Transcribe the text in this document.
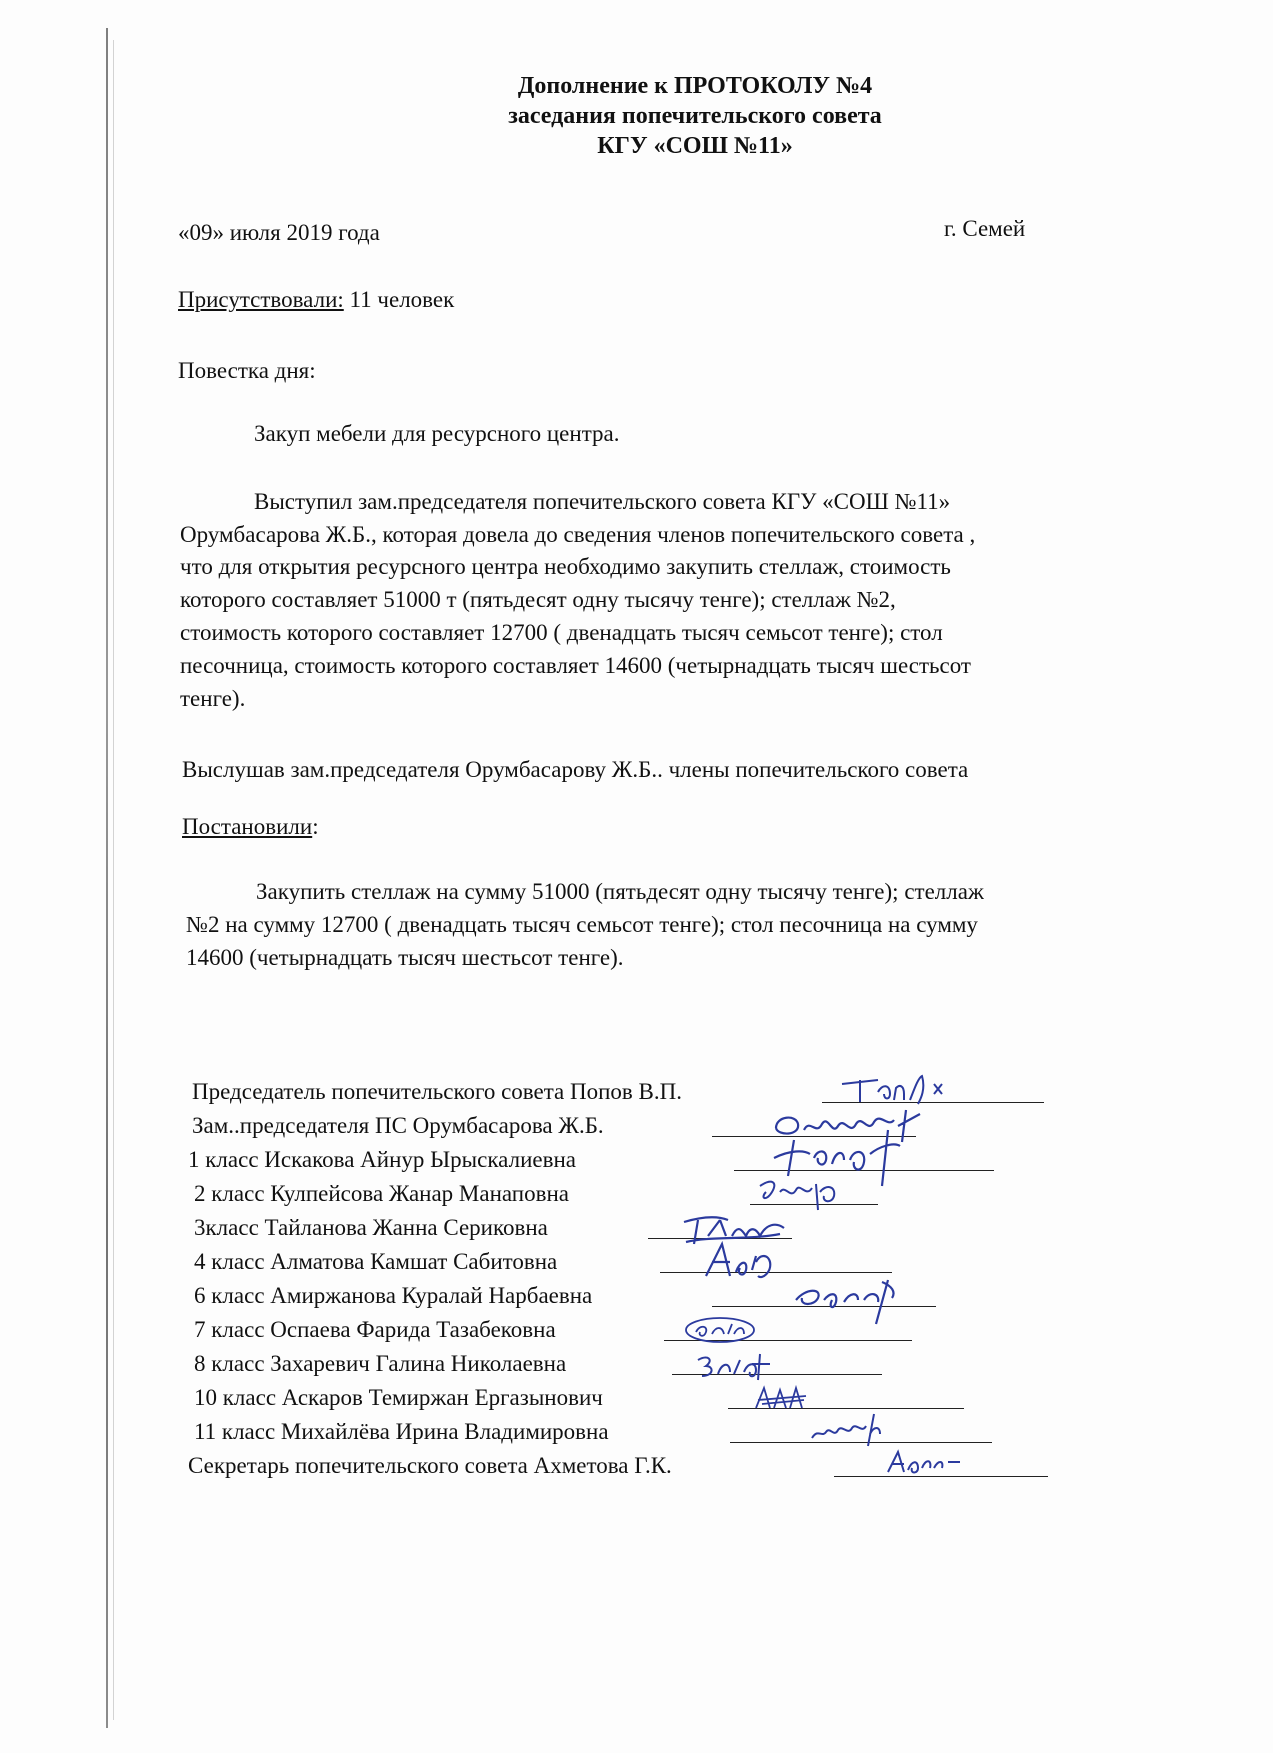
Дополнение к ПРОТОКОЛУ №4
заседания попечительского совета
КГУ «СОШ №11»
«09» июля 2019 года	г. Семей
Присутствовали: 11 человек
Повестка дня:
Закуп мебели для ресурсного центра.
Выступил зам.председателя попечительского совета КГУ «СОШ №11»
Орумбасарова Ж.Б., которая довела до сведения членов попечительского совета ,
что для открытия ресурсного центра необходимо закупить стеллаж, стоимость
которого составляет 51000 т (пятьдесят одну тысячу тенге); стеллаж №2,
стоимость которого составляет 12700 ( двенадцать тысяч семьсот тенге); стол
песочница, стоимость которого составляет 14600 (четырнадцать тысяч шестьсот
тенге).
Выслушав зам.председателя Орумбасарову Ж.Б.. члены попечительского совета
Постановили:
Закупить стеллаж на сумму 51000 (пятьдесят одну тысячу тенге); стеллаж
№2 на сумму 12700 ( двенадцать тысяч семьсот тенге); стол песочница на сумму
14600 (четырнадцать тысяч шестьсот тенге).
Председатель попечительского совета Попов В.П.
Зам..председателя ПС Орумбасарова Ж.Б.
1 класс Искакова Айнур Ырыскалиевна
2 класс Кулпейсова Жанар Манаповна
3класс Тайланова Жанна Сериковна
4 класс Алматова Камшат Сабитовна
6 класс Амиржанова Куралай Нарбаевна
7 класс Оспаева Фарида Тазабековна
8 класс Захаревич Галина Николаевна
10 класс Аскаров Темиржан Ергазынович
11 класс Михайлёва Ирина Владимировна
Секретарь попечительского совета Ахметова Г.К.
